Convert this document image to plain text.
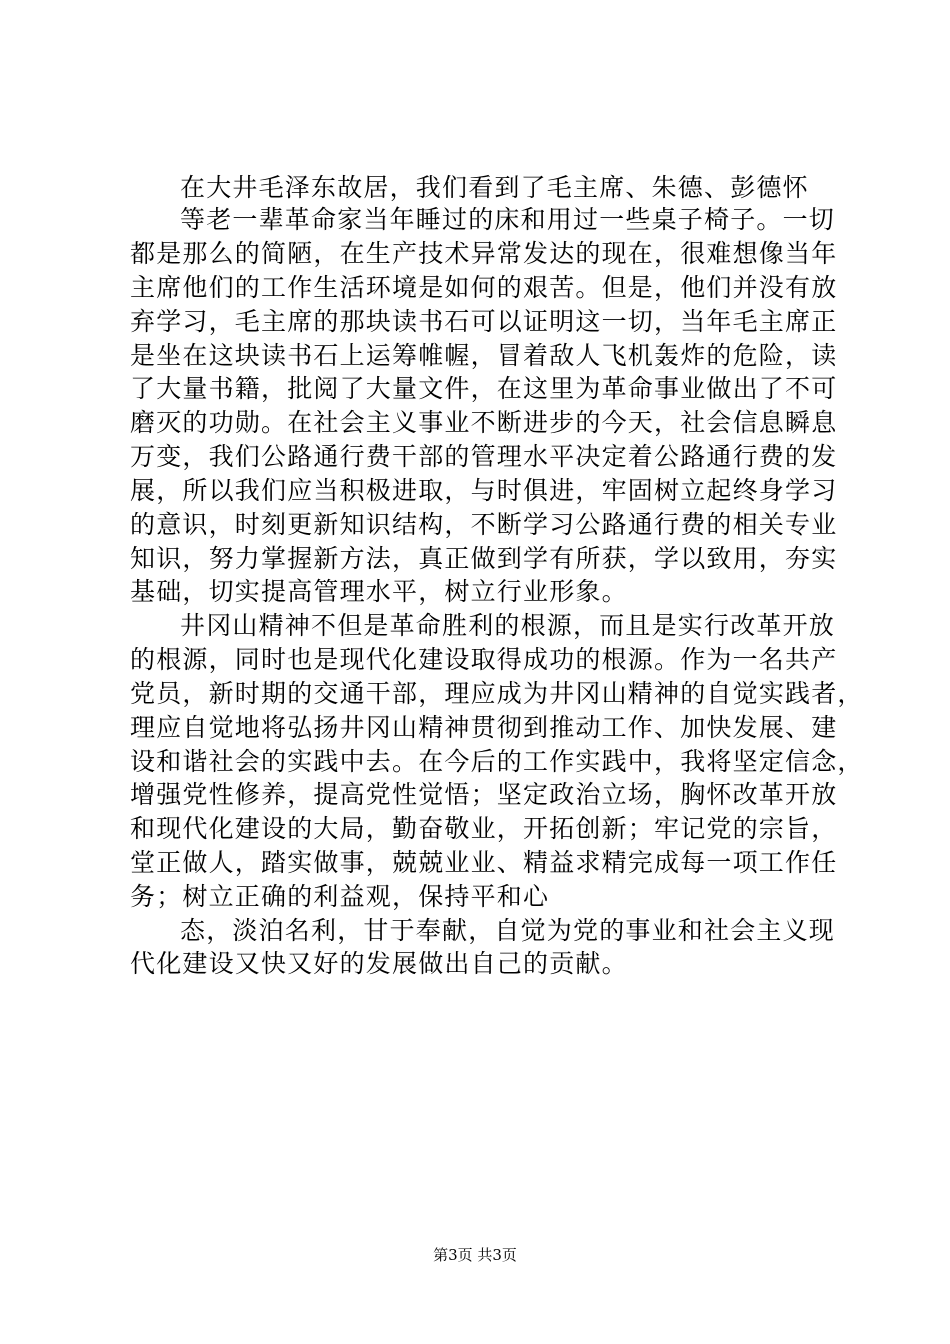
在大井毛泽东故居，我们看到了毛主席、朱德、彭德怀
等老一辈革命家当年睡过的床和用过一些桌子椅子。一切
都是那么的简陋，在生产技术异常发达的现在，很难想像当年
主席他们的工作生活环境是如何的艰苦。但是，他们并没有放
弃学习，毛主席的那块读书石可以证明这一切，当年毛主席正
是坐在这块读书石上运筹帷幄，冒着敌人飞机轰炸的危险，读
了大量书籍，批阅了大量文件，在这里为革命事业做出了不可
磨灭的功勋。在社会主义事业不断进步的今天，社会信息瞬息
万变，我们公路通行费干部的管理水平决定着公路通行费的发
展，所以我们应当积极进取，与时俱进，牢固树立起终身学习
的意识，时刻更新知识结构，不断学习公路通行费的相关专业
知识，努力掌握新方法，真正做到学有所获，学以致用，夯实
基础，切实提高管理水平，树立行业形象。
井冈山精神不但是革命胜利的根源，而且是实行改革开放
的根源，同时也是现代化建设取得成功的根源。作为一名共产
党员，新时期的交通干部，理应成为井冈山精神的自觉实践者，
理应自觉地将弘扬井冈山精神贯彻到推动工作、加快发展、建
设和谐社会的实践中去。在今后的工作实践中，我将坚定信念，
增强党性修养，提高党性觉悟；坚定政治立场，胸怀改革开放
和现代化建设的大局，勤奋敬业，开拓创新；牢记党的宗旨，
堂正做人，踏实做事，兢兢业业、精益求精完成每一项工作任
务；树立正确的利益观，保持平和心
态，淡泊名利，甘于奉献，自觉为党的事业和社会主义现
代化建设又快又好的发展做出自己的贡献。
第3页 共3页
